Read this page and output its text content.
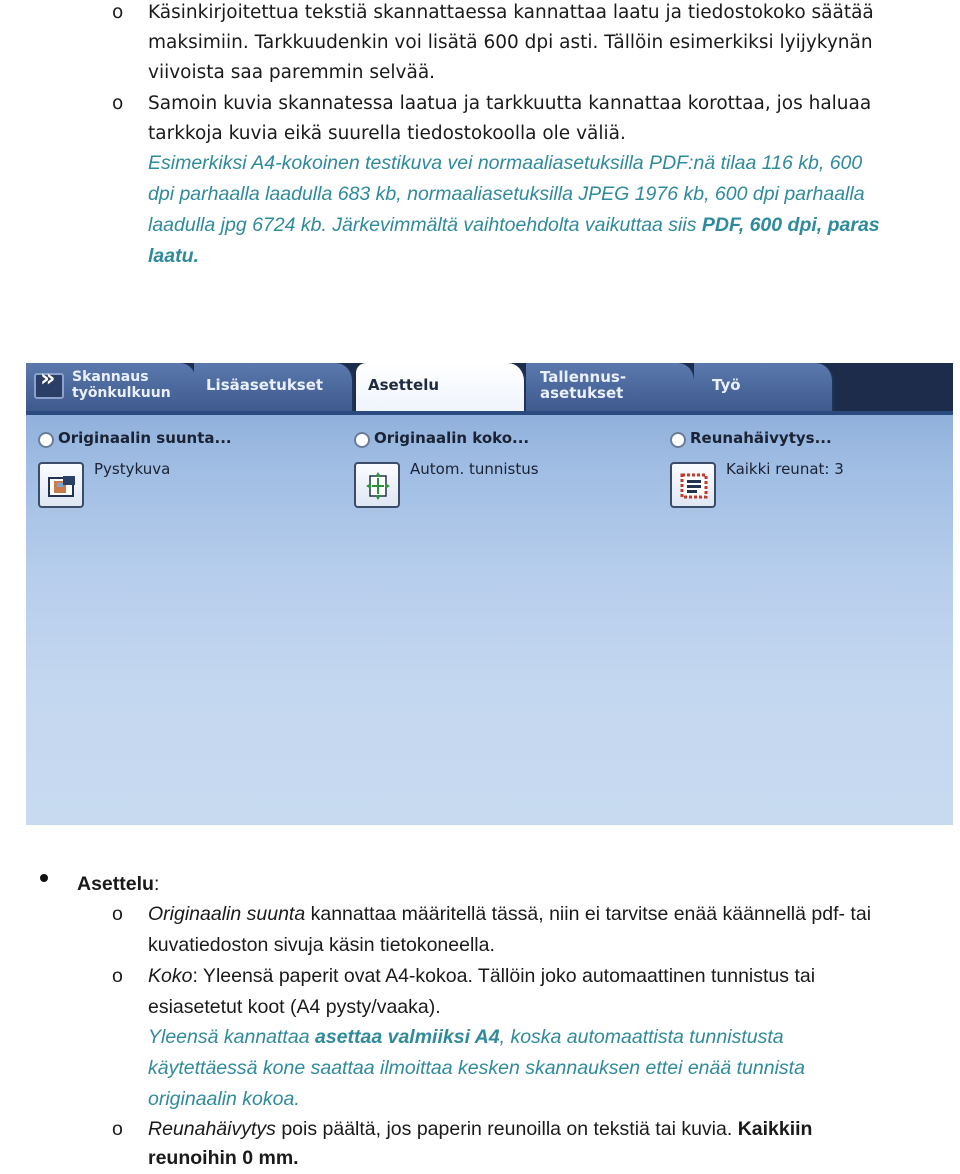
o Käsinkirjoitettua tekstiä skannattaessa kannattaa laatu ja tiedostokoko säätää
maksimiin. Tarkkuudenkin voi lisätä 600 dpi asti. Tällöin esimerkiksi lyijykynän
viivoista saa paremmin selvää.
o Samoin kuvia skannatessa laatua ja tarkkuutta kannattaa korottaa, jos haluaa
tarkkoja kuvia eikä suurella tiedostokoolla ole väliä.
Esimerkiksi A4-kokoinen testikuva vei normaaliasetuksilla PDF:nä tilaa 116 kb, 600
dpi parhaalla laadulla 683 kb, normaaliasetuksilla JPEG 1976 kb, 600 dpi parhaalla
laadulla jpg 6724 kb. Järkevimmältä vaihtoehdolta vaikuttaa siis PDF, 600 dpi, paras
laatu.
»
Skannaus
työnkulkuun	Lisäasetukset	Asettelu	Tallennus-
asetukset	Työ
Originaalin suunta...
Pystykuva
Originaalin koko...
Autom. tunnistus
Reunahäivytys...
Kaikki reunat: 3
Asettelu:
o Originaalin suunta kannattaa määritellä tässä, niin ei tarvitse enää käännellä pdf- tai
kuvatiedoston sivuja käsin tietokoneella.
o Koko: Yleensä paperit ovat A4-kokoa. Tällöin joko automaattinen tunnistus tai
esiasetetut koot (A4 pysty/vaaka).
Yleensä kannattaa asettaa valmiiksi A4, koska automaattista tunnistusta
käytettäessä kone saattaa ilmoittaa kesken skannauksen ettei enää tunnista
originaalin kokoa.
o Reunahäivytys pois päältä, jos paperin reunoilla on tekstiä tai kuvia. Kaikkiin
reunoihin 0 mm.
